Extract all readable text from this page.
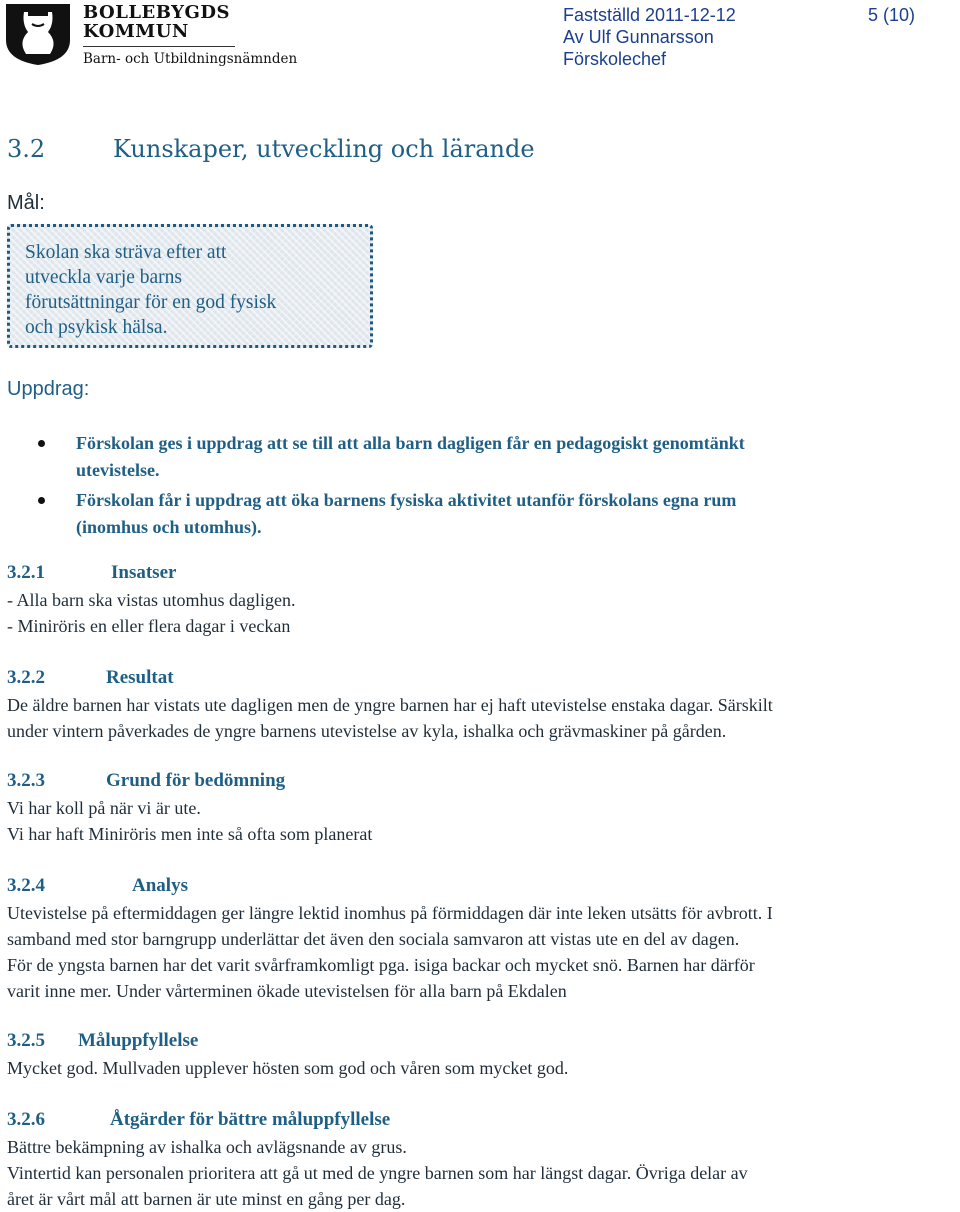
BOLLEBYGDS
KOMMUN
Barn- och Utbildningsnämnden
Fastställd 2011-12-12	5 (10)
Av Ulf Gunnarsson
Förskolechef
3.2	Kunskaper, utveckling och lärande
Mål:
Skolan ska sträva efter att
utveckla varje barns
förutsättningar för en god fysisk
och psykisk hälsa.
Uppdrag:
Förskolan ges i uppdrag att se till att alla barn dagligen får en pedagogiskt genomtänkt
utevistelse.
Förskolan får i uppdrag att öka barnens fysiska aktivitet utanför förskolans egna rum
(inomhus och utomhus).
3.2.1	Insatser
- Alla barn ska vistas utomhus dagligen.
- Miniröris en eller flera dagar i veckan
3.2.2	Resultat
De äldre barnen har vistats ute dagligen men de yngre barnen har ej haft utevistelse enstaka dagar. Särskilt
under vintern påverkades de yngre barnens utevistelse av kyla, ishalka och grävmaskiner på gården.
3.2.3	Grund för bedömning
Vi har koll på när vi är ute.
Vi har haft Miniröris men inte så ofta som planerat
3.2.4	Analys
Utevistelse på eftermiddagen ger längre lektid inomhus på förmiddagen där inte leken utsätts för avbrott. I
samband med stor barngrupp underlättar det även den sociala samvaron att vistas ute en del av dagen.
För de yngsta barnen har det varit svårframkomligt pga. isiga backar och mycket snö. Barnen har därför
varit inne mer. Under vårterminen ökade utevistelsen för alla barn på Ekdalen
3.2.5 Måluppfyllelse
Mycket god. Mullvaden upplever hösten som god och våren som mycket god.
3.2.6	Åtgärder för bättre måluppfyllelse
Bättre bekämpning av ishalka och avlägsnande av grus.
Vintertid kan personalen prioritera att gå ut med de yngre barnen som har längst dagar. Övriga delar av
året är vårt mål att barnen är ute minst en gång per dag.
